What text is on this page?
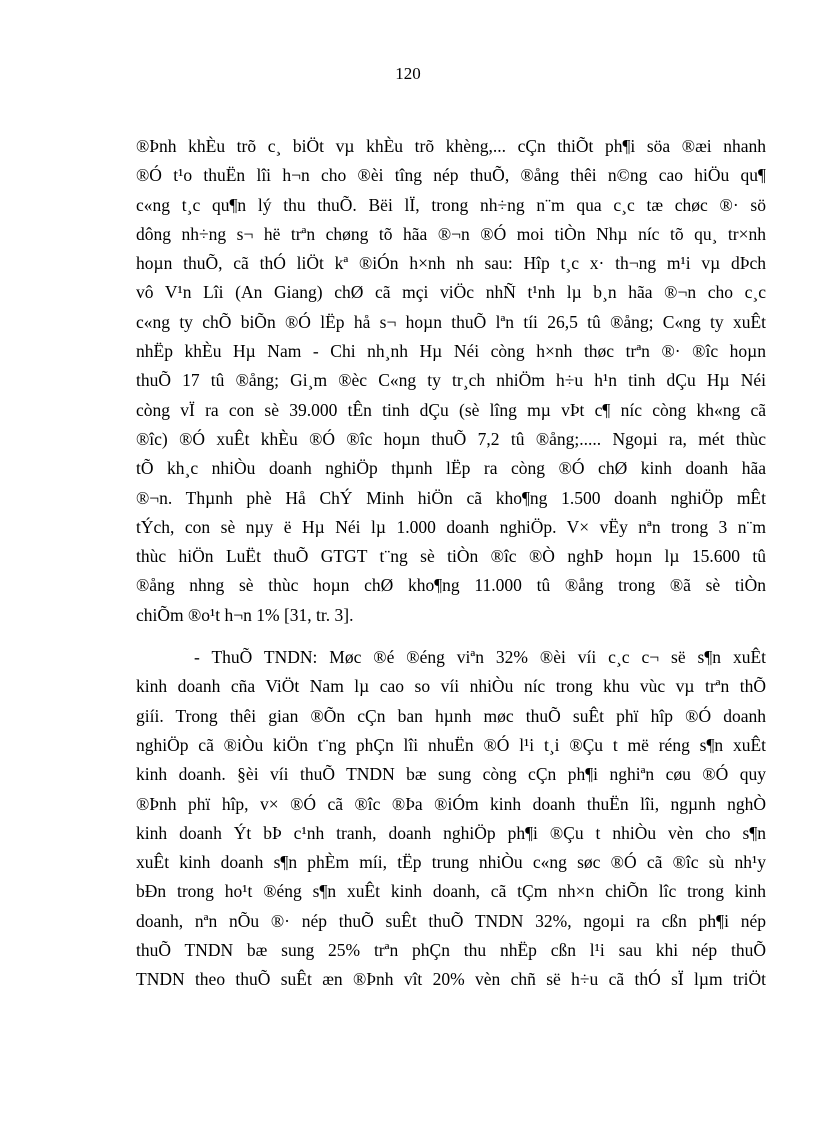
120
®Þnh khÈu trõ c¸ biÖt vµ khÈu trõ khèng,... cÇn thiÕt ph¶i söa ®æi nhanh
®Ó t¹o thuËn lîi h¬n cho ®èi tîng nép thuÕ, ®ång thêi n©ng cao hiÖu qu¶
c«ng t¸c qu¶n lý thu thuÕ. Bëi lÏ, trong nh÷ng n¨m qua c¸c tæ chøc ®· sö
dông nh÷ng s¬ hë trªn chøng tõ hãa ®¬n ®Ó moi tiÒn Nhµ níc tõ qu¸ tr×nh
hoµn thuÕ, cã thÓ liÖt kª ®iÓn h×nh nh sau: Hîp t¸c x· th¬ng m¹i vµ dÞch
vô V¹n Lîi (An Giang) chØ cã mçi viÖc nhÑ t¹nh lµ b¸n hãa ®¬n cho c¸c
c«ng ty chÕ biÕn ®Ó lËp hå s¬ hoµn thuÕ lªn tíi 26,5 tû ®ång; C«ng ty xuÊt
nhËp khÈu Hµ Nam - Chi nh¸nh Hµ Néi còng h×nh thøc trªn ®· ®îc hoµn
thuÕ 17 tû ®ång; Gi¸m ®èc C«ng ty tr¸ch nhiÖm h÷u h¹n tinh dÇu Hµ Néi
còng vÏ ra con sè 39.000 tÊn tinh dÇu (sè lîng mµ vÞt c¶ níc còng kh«ng cã
®îc) ®Ó xuÊt khÈu ®Ó ®îc hoµn thuÕ 7,2 tû ®ång;..... Ngoµi ra, mét thùc
tÕ kh¸c nhiÒu doanh nghiÖp thµnh lËp ra còng ®Ó chØ kinh doanh hãa
®¬n. Thµnh phè Hå ChÝ Minh hiÖn cã kho¶ng 1.500 doanh nghiÖp mÊt
tÝch, con sè nµy ë Hµ Néi lµ 1.000 doanh nghiÖp. V× vËy nªn trong 3 n¨m
thùc hiÖn LuËt thuÕ GTGT t¨ng sè tiÒn ®îc ®Ò nghÞ hoµn lµ 15.600 tû
®ång nhng sè thùc hoµn chØ kho¶ng 11.000 tû ®ång trong ®ã sè tiÒn
chiÕm ®o¹t h¬n 1% [31, tr. 3].
- ThuÕ TNDN: Møc ®é ®éng viªn 32% ®èi víi c¸c c¬ së s¶n xuÊt
kinh doanh cña ViÖt Nam lµ cao so víi nhiÒu níc trong khu vùc vµ trªn thÕ
giíi. Trong thêi gian ®Õn cÇn ban hµnh møc thuÕ suÊt phï hîp ®Ó doanh
nghiÖp cã ®iÒu kiÖn t¨ng phÇn lîi nhuËn ®Ó l¹i t¸i ®Çu t më réng s¶n xuÊt
kinh doanh. §èi víi thuÕ TNDN bæ sung còng cÇn ph¶i nghiªn cøu ®Ó quy
®Þnh phï hîp, v× ®Ó cã ®îc ®Þa ®iÓm kinh doanh thuËn lîi, ngµnh nghÒ
kinh doanh Ýt bÞ c¹nh tranh, doanh nghiÖp ph¶i ®Çu t nhiÒu vèn cho s¶n
xuÊt kinh doanh s¶n phÈm míi, tËp trung nhiÒu c«ng søc ®Ó cã ®îc sù nh¹y
bÐn trong ho¹t ®éng s¶n xuÊt kinh doanh, cã tÇm nh×n chiÕn lîc trong kinh
doanh, nªn nÕu ®· nép thuÕ suÊt thuÕ TNDN 32%, ngoµi ra cßn ph¶i nép
thuÕ TNDN bæ sung 25% trªn phÇn thu nhËp cßn l¹i sau khi nép thuÕ
TNDN theo thuÕ suÊt æn ®Þnh vît 20% vèn chñ së h÷u cã thÓ sÏ lµm triÖt
